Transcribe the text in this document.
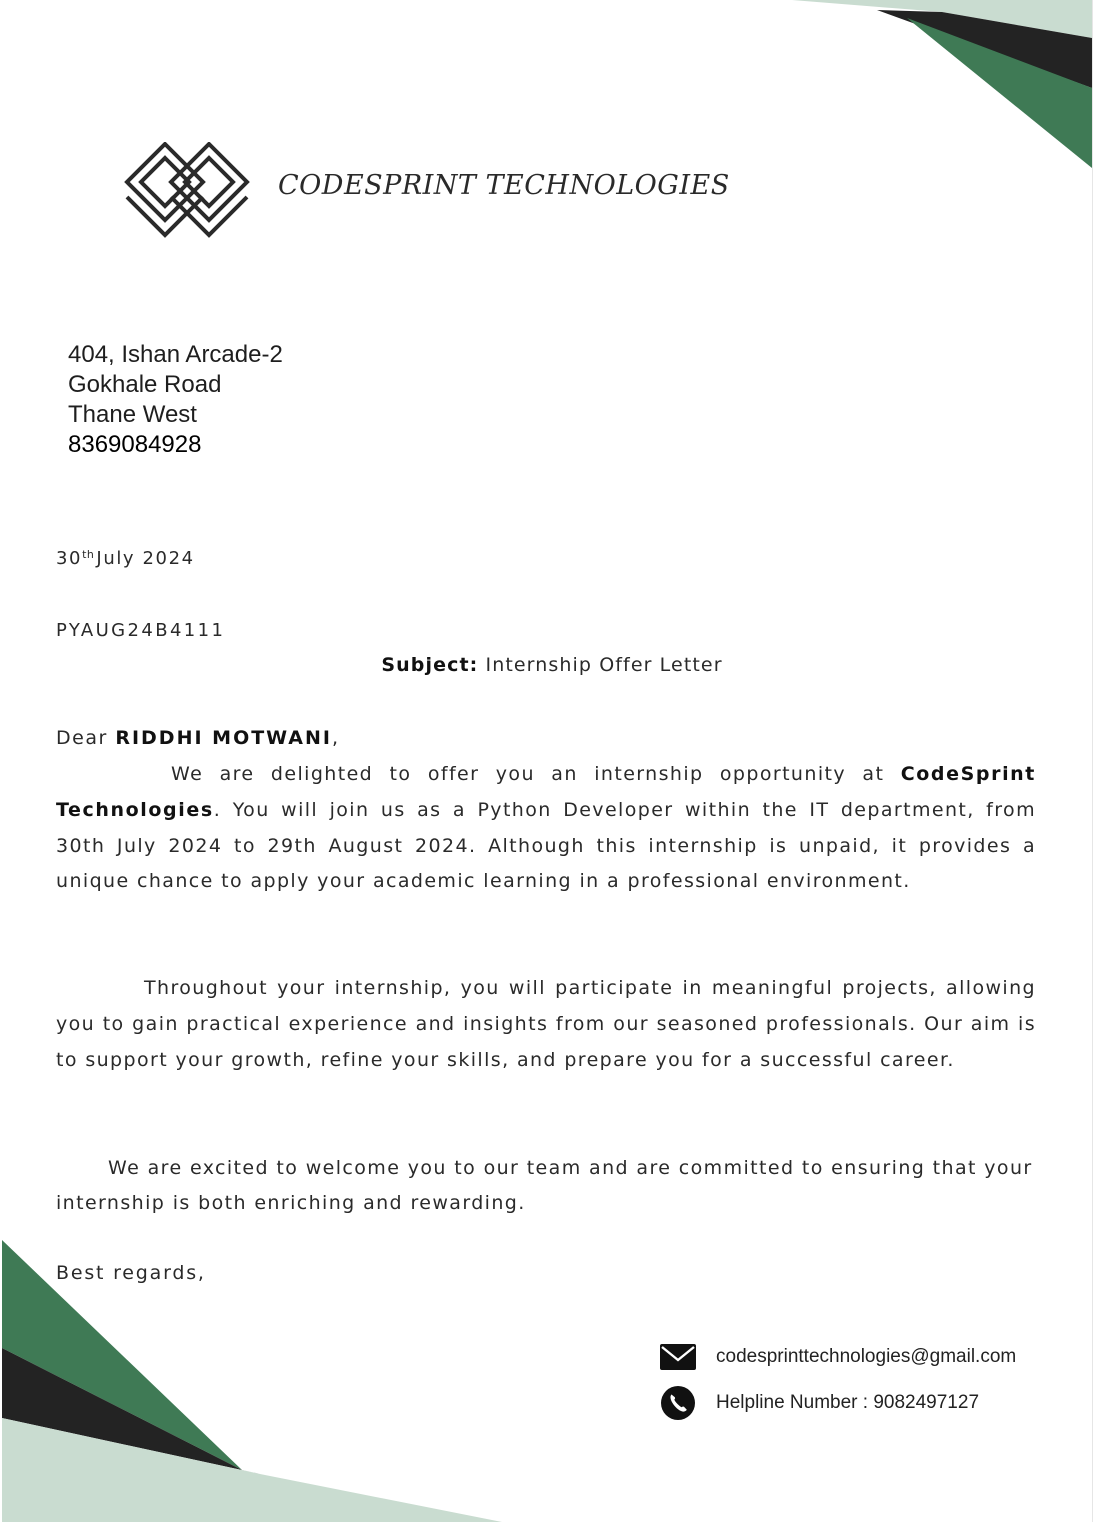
CODESPRINT TECHNOLOGIES
404, Ishan Arcade-2
Gokhale Road
Thane West
8369084928
30th July 2024
PYAUG24B4111
Subject: Internship Offer Letter
Dear RIDDHI MOTWANI,

We are delighted to offer you an internship opportunity at CodeSprint Technologies. You will join us as a Python Developer within the IT department, from 30th July 2024 to 29th August 2024. Although this internship is unpaid, it provides a unique chance to apply your academic learning in a professional environment.

Throughout your internship, you will participate in meaningful projects, allowing you to gain practical experience and insights from our seasoned professionals. Our aim is to support your growth, refine your skills, and prepare you for a successful career.

We are excited to welcome you to our team and are committed to ensuring that your internship is both enriching and rewarding.

Best regards,
codesprinttechnologies@gmail.com
Helpline Number : 9082497127
